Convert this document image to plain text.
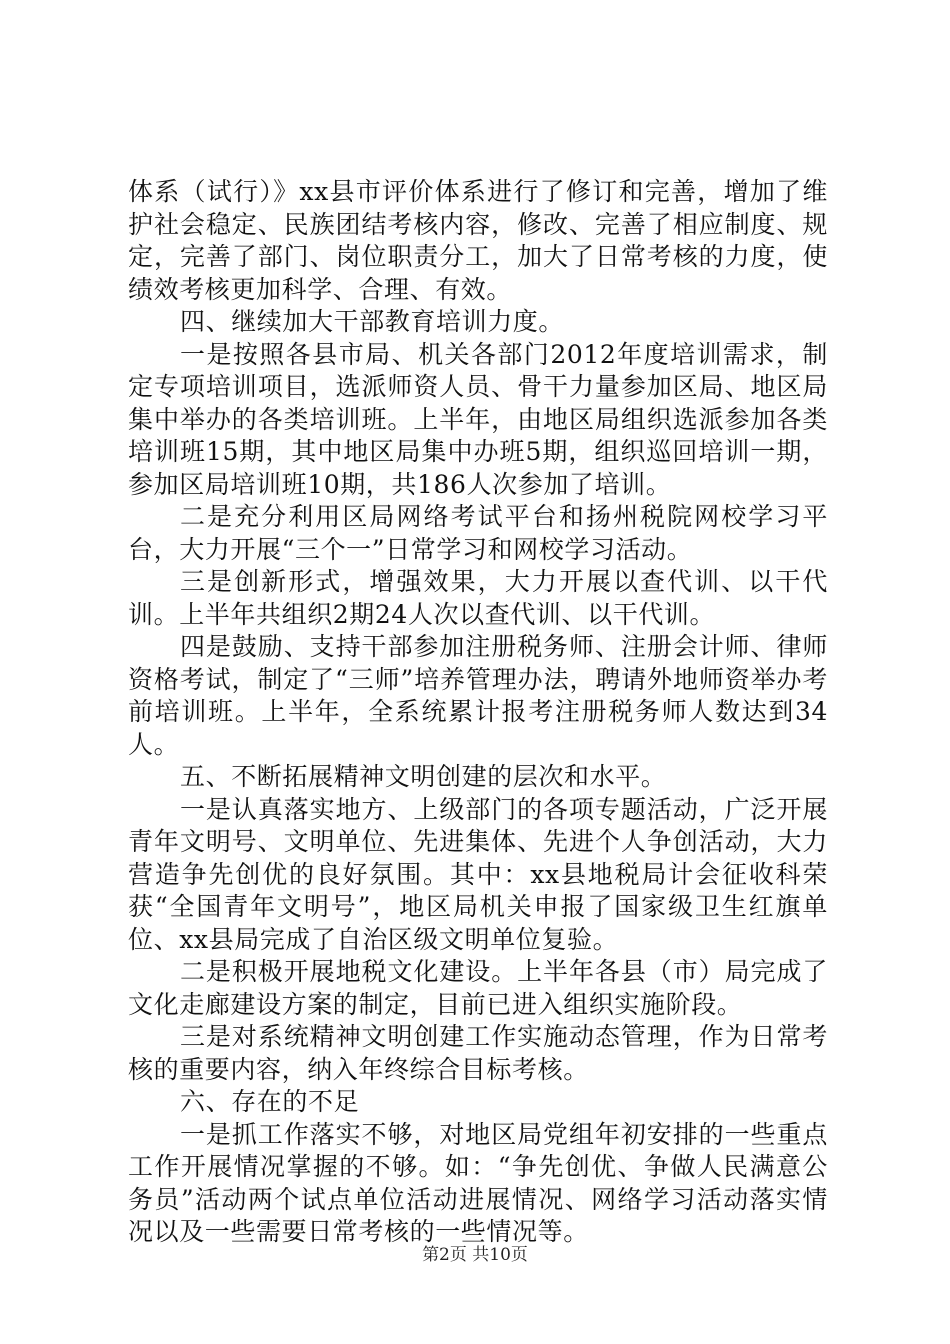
体系（试行）》xx县市评价体系进行了修订和完善，增加了维护社会稳定、民族团结考核内容，修改、完善了相应制度、规定，完善了部门、岗位职责分工，加大了日常考核的力度，使绩效考核更加科学、合理、有效。

四、继续加大干部教育培训力度。

一是按照各县市局、机关各部门2012年度培训需求，制定专项培训项目，选派师资人员、骨干力量参加区局、地区局集中举办的各类培训班。上半年，由地区局组织选派参加各类培训班15期，其中地区局集中办班5期，组织巡回培训一期，参加区局培训班10期，共186人次参加了培训。

二是充分利用区局网络考试平台和扬州税院网校学习平台，大力开展“三个一”日常学习和网校学习活动。

三是创新形式，增强效果，大力开展以查代训、以干代训。上半年共组织2期24人次以查代训、以干代训。

四是鼓励、支持干部参加注册税务师、注册会计师、律师资格考试，制定了“三师”培养管理办法，聘请外地师资举办考前培训班。上半年，全系统累计报考注册税务师人数达到34人。

五、不断拓展精神文明创建的层次和水平。

一是认真落实地方、上级部门的各项专题活动，广泛开展青年文明号、文明单位、先进集体、先进个人争创活动，大力营造争先创优的良好氛围。其中：xx县地税局计会征收科荣获“全国青年文明号”，地区局机关申报了国家级卫生红旗单位、xx县局完成了自治区级文明单位复验。

二是积极开展地税文化建设。上半年各县（市）局完成了文化走廊建设方案的制定，目前已进入组织实施阶段。

三是对系统精神文明创建工作实施动态管理，作为日常考核的重要内容，纳入年终综合目标考核。

六、存在的不足

一是抓工作落实不够，对地区局党组年初安排的一些重点工作开展情况掌握的不够。如：“争先创优、争做人民满意公务员”活动两个试点单位活动进展情况、网络学习活动落实情况以及一些需要日常考核的一些情况等。

第2页 共10页
